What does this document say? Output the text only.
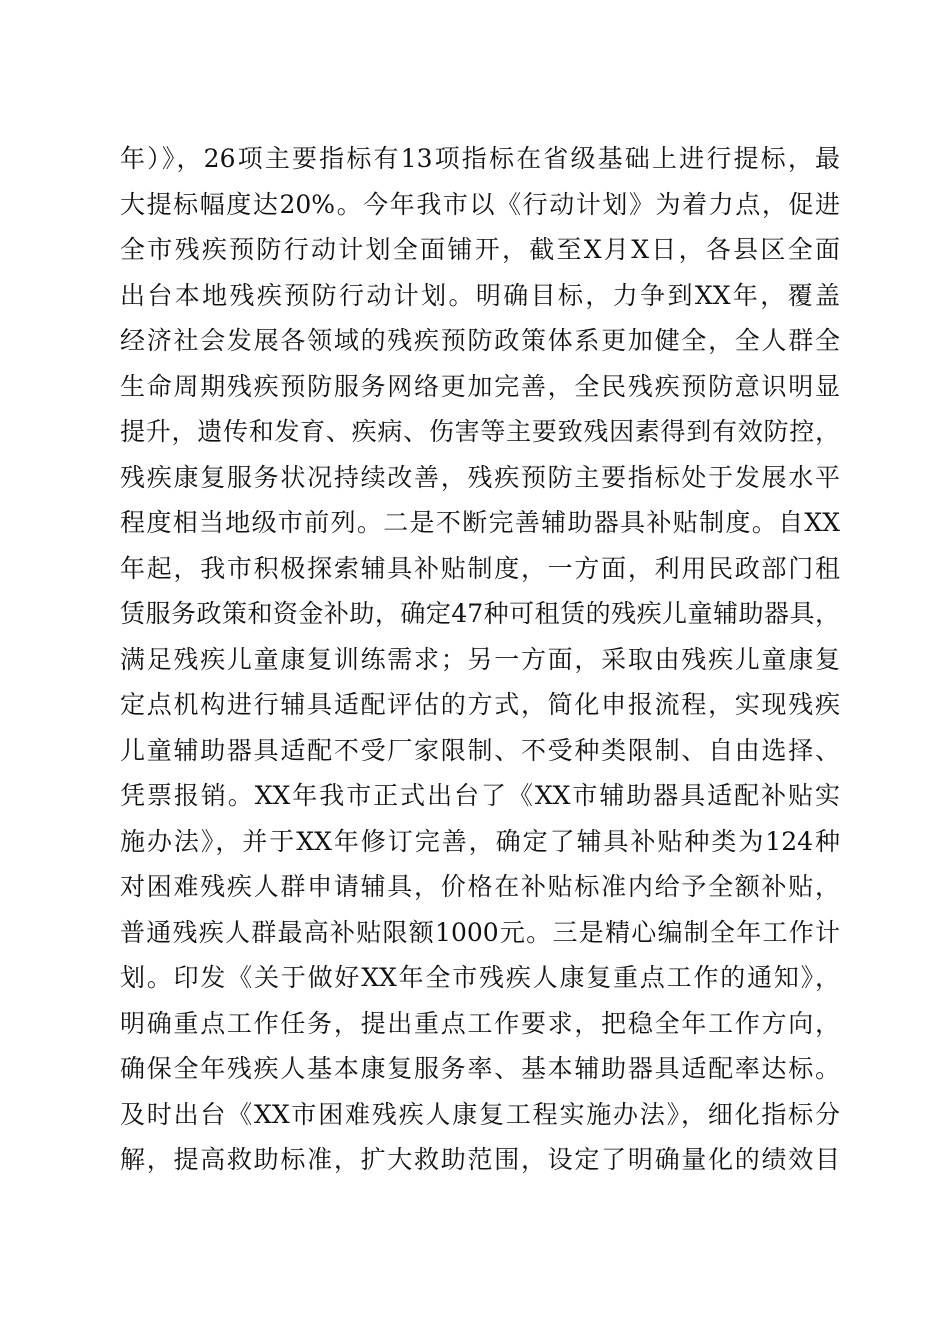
年）》，26项主要指标有13项指标在省级基础上进行提标，最
大提标幅度达20%。今年我市以《行动计划》为着力点，促进
全市残疾预防行动计划全面铺开，截至X月X日，各县区全面
出台本地残疾预防行动计划。明确目标，力争到XX年，覆盖
经济社会发展各领域的残疾预防政策体系更加健全，全人群全
生命周期残疾预防服务网络更加完善，全民残疾预防意识明显
提升，遗传和发育、疾病、伤害等主要致残因素得到有效防控，
残疾康复服务状况持续改善，残疾预防主要指标处于发展水平
程度相当地级市前列。二是不断完善辅助器具补贴制度。自XX
年起，我市积极探索辅具补贴制度，一方面，利用民政部门租
赁服务政策和资金补助，确定47种可租赁的残疾儿童辅助器具，
满足残疾儿童康复训练需求；另一方面，采取由残疾儿童康复
定点机构进行辅具适配评估的方式，简化申报流程，实现残疾
儿童辅助器具适配不受厂家限制、不受种类限制、自由选择、
凭票报销。XX年我市正式出台了《XX市辅助器具适配补贴实
施办法》，并于XX年修订完善，确定了辅具补贴种类为124种
对困难残疾人群申请辅具，价格在补贴标准内给予全额补贴，
普通残疾人群最高补贴限额1000元。三是精心编制全年工作计
划。印发《关于做好XX年全市残疾人康复重点工作的通知》，
明确重点工作任务，提出重点工作要求，把稳全年工作方向，
确保全年残疾人基本康复服务率、基本辅助器具适配率达标。
及时出台《XX市困难残疾人康复工程实施办法》，细化指标分
解，提高救助标准，扩大救助范围，设定了明确量化的绩效目
